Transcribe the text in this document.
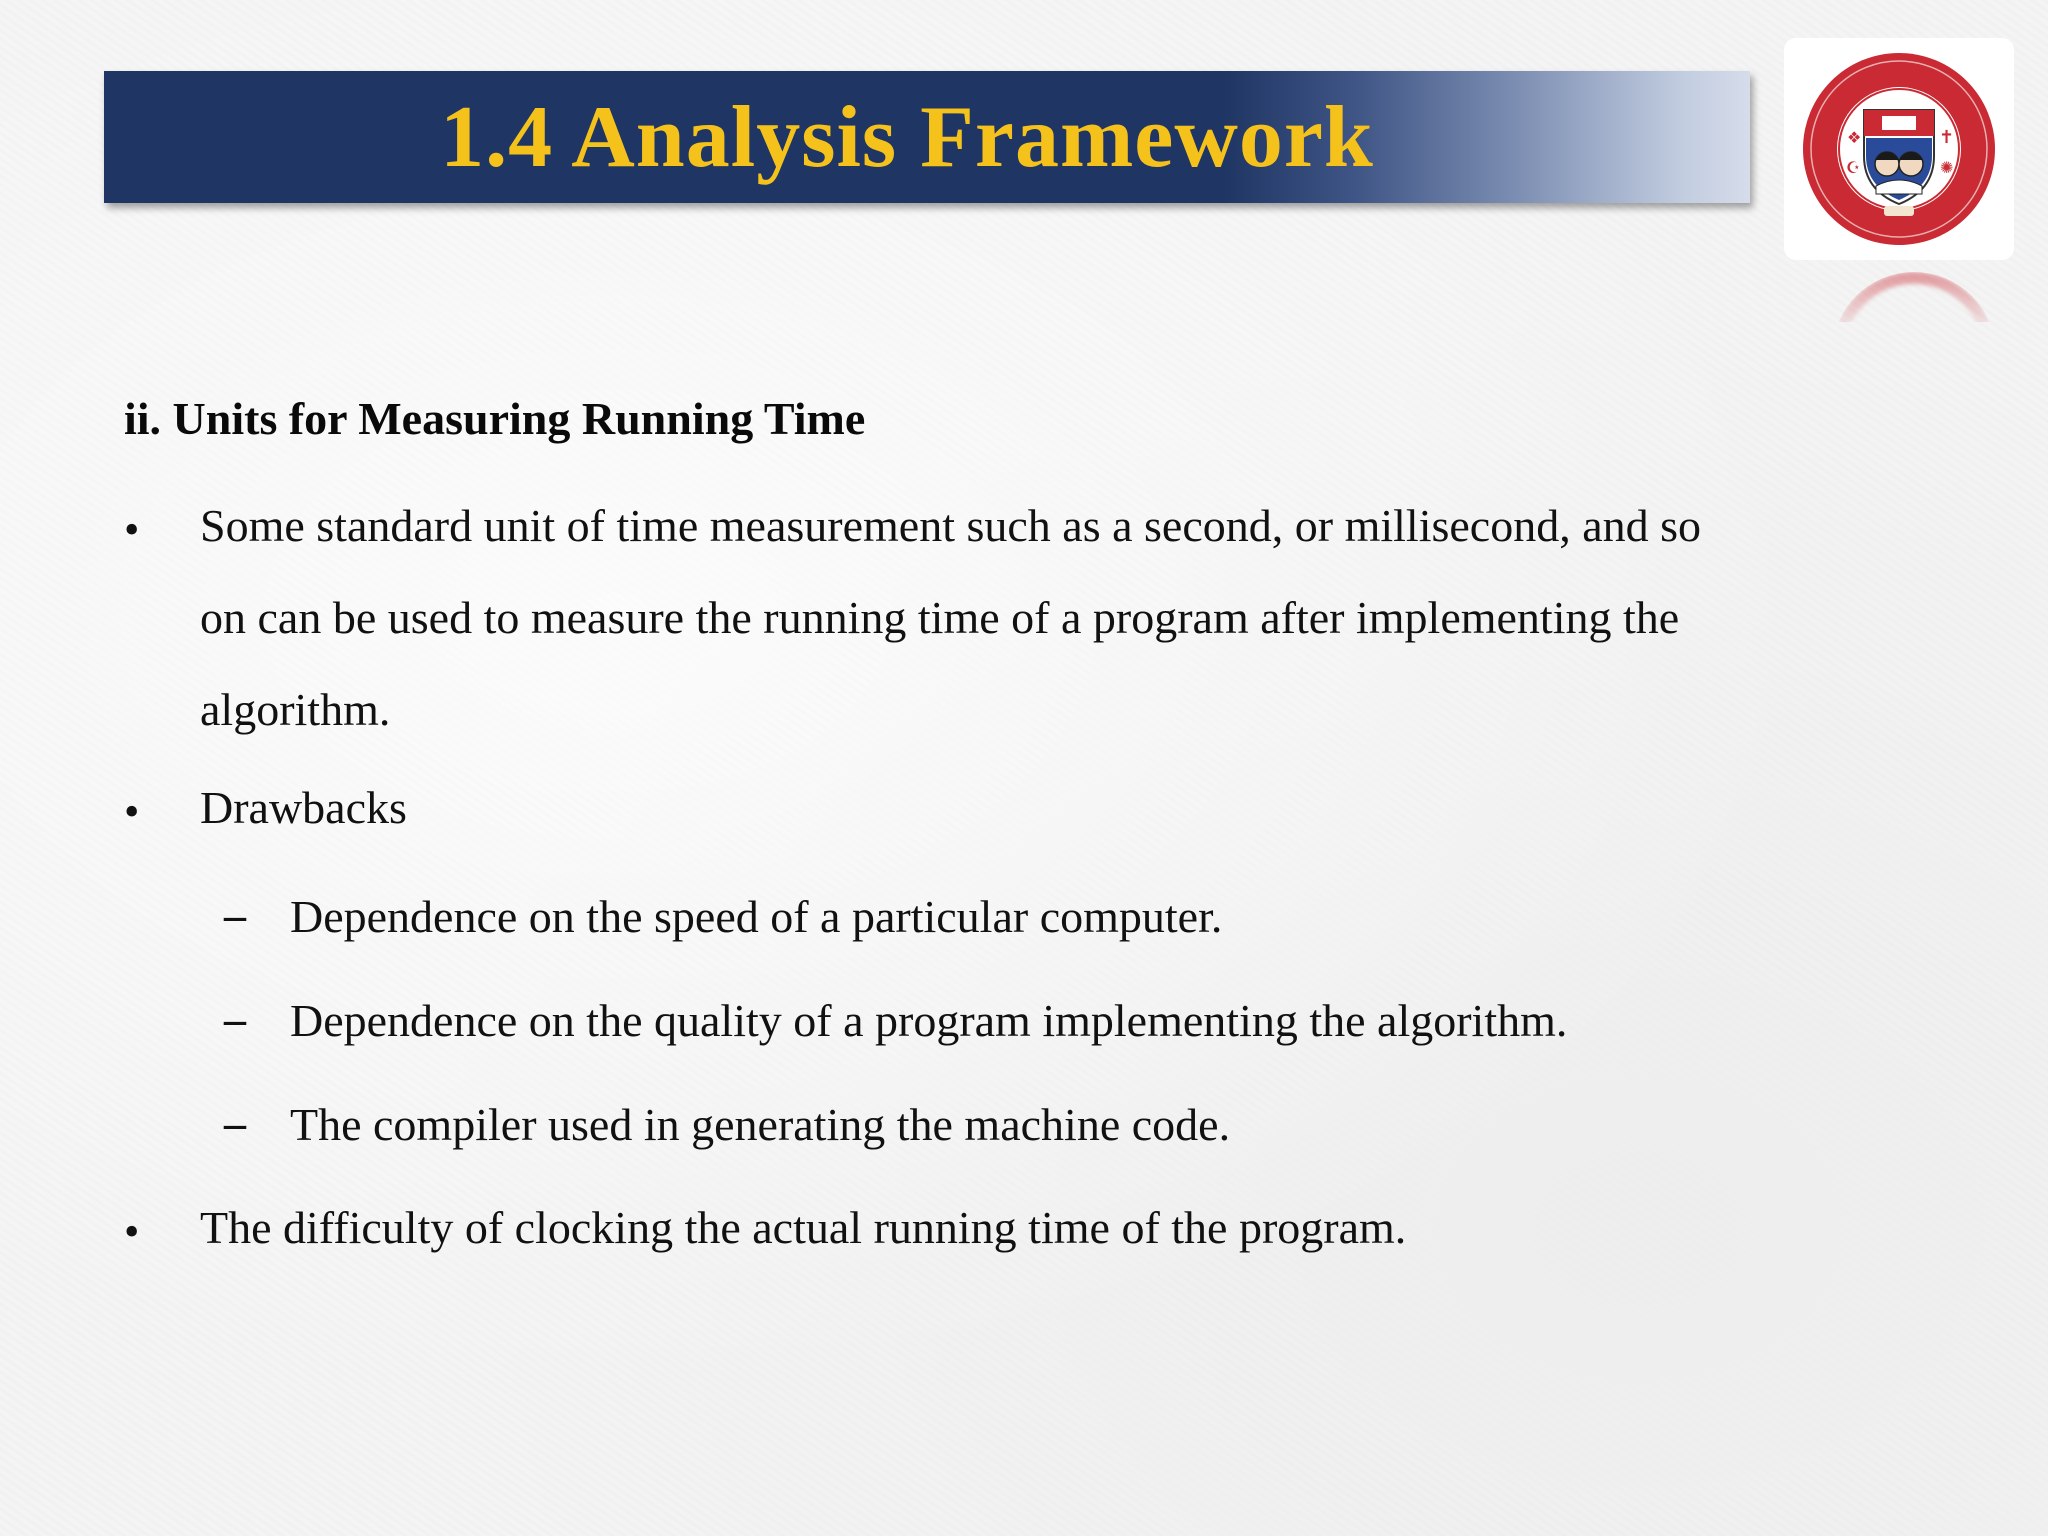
1.4 Analysis Framework	❖	✝
☪	✺
ii. Units for Measuring Running Time
• Some standard unit of time measurement such as a second, or millisecond, and so
on can be used to measure the running time of a program after implementing the
algorithm.
• Drawbacks
– Dependence on the speed of a particular computer.
– Dependence on the quality of a program implementing the algorithm.
– The compiler used in generating the machine code.
• The difficulty of clocking the actual running time of the program.
